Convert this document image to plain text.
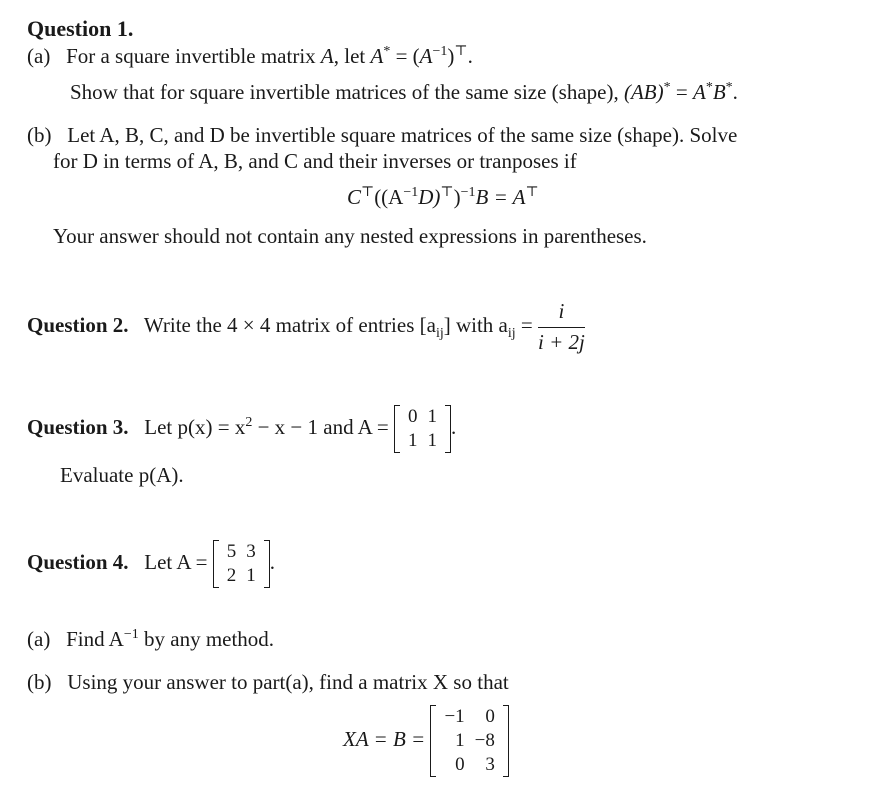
Question 1.
(a) For a square invertible matrix A, let $A^* = (A^{-1})^⊤$.
Show that for square invertible matrices of the same size (shape), (AB)* = A*B*.
(b) Let A, B, C, and D be invertible square matrices of the same size (shape). Solve
for D in terms of A, B, and C and their inverses or tranposes if
$C^⊤((A^{-1}D)^⊤)^{-1}B = A^⊤$
Your answer should not contain any nested expressions in parentheses.
Question 2. Write the 4 × 4 matrix of entries $[a_{ij}]$ with $a_{ij} = \frac{i}{i + 2j}$
Question 3. Let $p(x) = x^2 - x - 1$ and A = 0	1
1	1
.
Evaluate p(A).
Question 4. Let A = 5	3
2	1
.
(a) Find $A^{-1}$ by any method.
(b) Using your answer to part(a), find a matrix X so that
XA = B =
−1	0
1	−8
0	3
